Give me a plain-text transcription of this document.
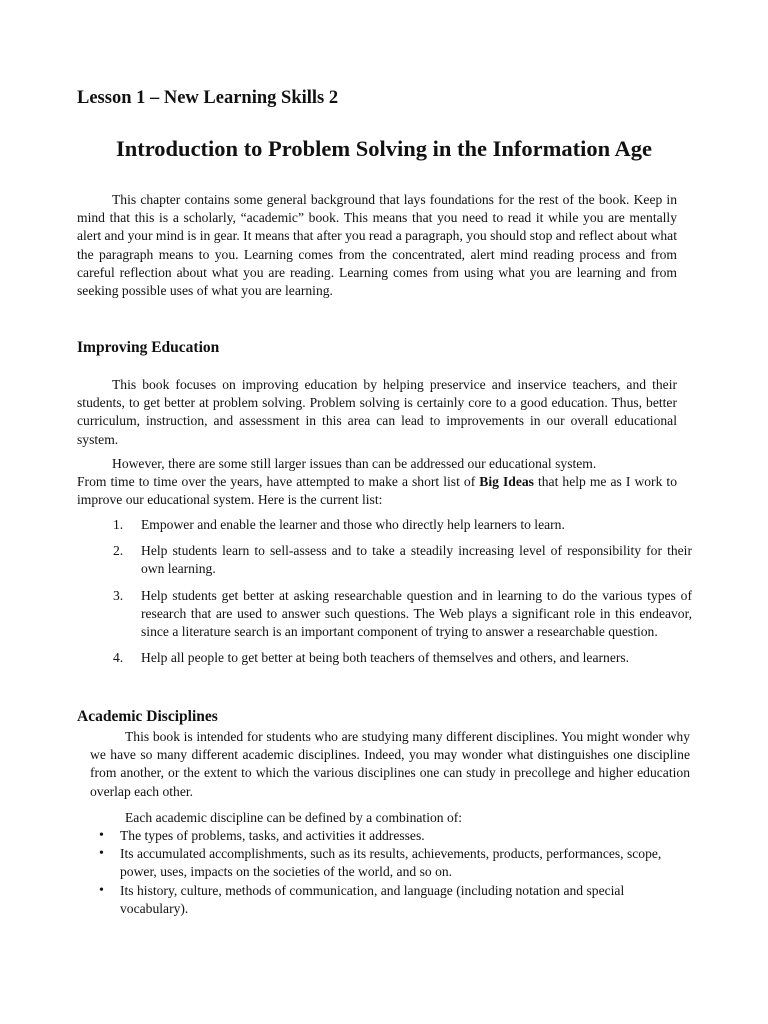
Lesson 1 – New Learning Skills 2
Introduction to Problem Solving in the Information Age

This chapter contains some general background that lays foundations for the rest of the book. Keep in mind that this is a scholarly, “academic” book. This means that you need to read it while you are mentally alert and your mind is in gear. It means that after you read a paragraph, you should stop and reflect about what the paragraph means to you. Learning comes from the concentrated, alert mind reading process and from careful reflection about what you are reading. Learning comes from using what you are learning and from seeking possible uses of what you are learning.

Improving Education

This book focuses on improving education by helping preservice and inservice teachers, and their students, to get better at problem solving. Problem solving is certainly core to a good education. Thus, better curriculum, instruction, and assessment in this area can lead to improvements in our overall educational system.

However, there are some still larger issues than can be addressed our educational system.
From time to time over the years, have attempted to make a short list of Big Ideas that help me as I work to improve our educational system. Here is the current list:

1. Empower and enable the learner and those who directly help learners to learn.
2. Help students learn to sell-assess and to take a steadily increasing level of responsibility for their own learning.
3. Help students get better at asking researchable question and in learning to do the various types of research that are used to answer such questions. The Web plays a significant role in this endeavor, since a literature search is an important component of trying to answer a researchable question.
4. Help all people to get better at being both teachers of themselves and others, and learners.
Academic Disciplines

This book is intended for students who are studying many different disciplines. You might wonder why we have so many different academic disciplines. Indeed, you may wonder what distinguishes one discipline from another, or the extent to which the various disciplines one can study in precollege and higher education overlap each other.

Each academic discipline can be defined by a combination of:

• The types of problems, tasks, and activities it addresses.
• Its accumulated accomplishments, such as its results, achievements, products, performances, scope, power, uses, impacts on the societies of the world, and so on.
• Its history, culture, methods of communication, and language (including notation and special vocabulary).
